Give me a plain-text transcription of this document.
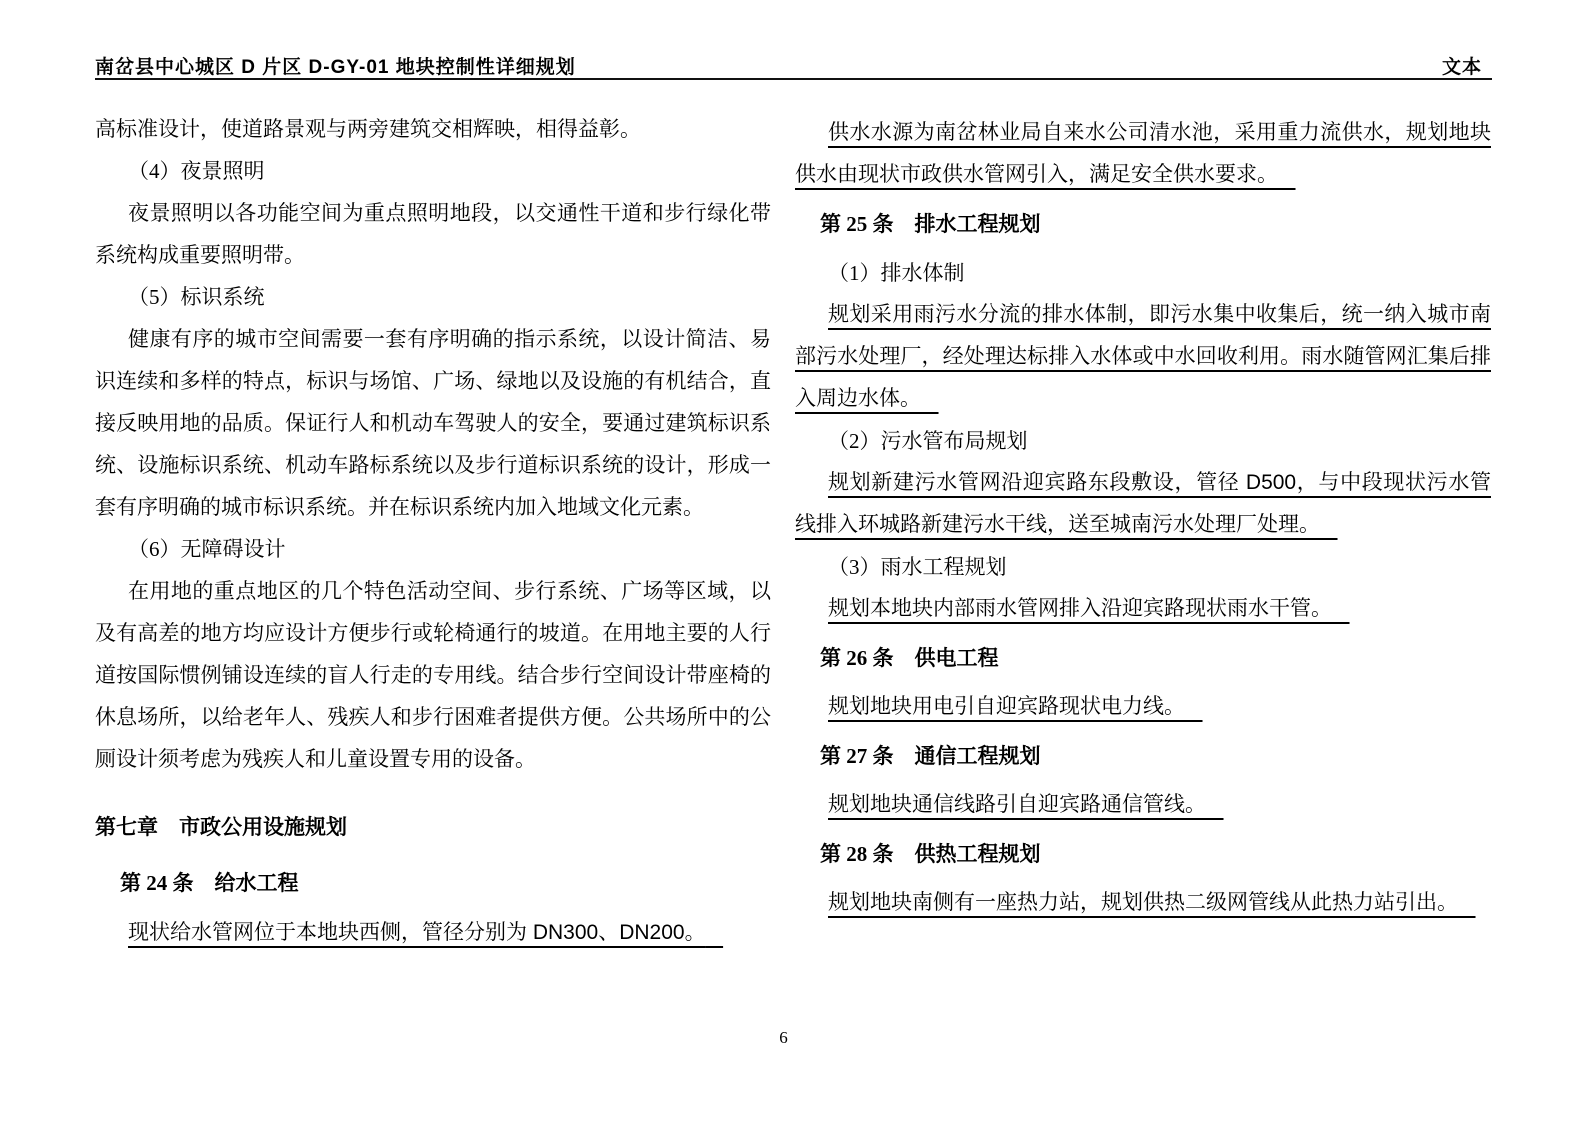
南岔县中心城区 D 片区 D-GY-01 地块控制性详细规划	文本

高标准设计，使道路景观与两旁建筑交相辉映，相得益彰。

（4）夜景照明

夜景照明以各功能空间为重点照明地段，以交通性干道和步行绿化带系统构成重要照明带。

（5）标识系统

健康有序的城市空间需要一套有序明确的指示系统，以设计简洁、易识连续和多样的特点，标识与场馆、广场、绿地以及设施的有机结合，直接反映用地的品质。保证行人和机动车驾驶人的安全，要通过建筑标识系统、设施标识系统、机动车路标系统以及步行道标识系统的设计，形成一套有序明确的城市标识系统。并在标识系统内加入地域文化元素。

（6）无障碍设计

在用地的重点地区的几个特色活动空间、步行系统、广场等区域，以及有高差的地方均应设计方便步行或轮椅通行的坡道。在用地主要的人行道按国际惯例铺设连续的盲人行走的专用线。结合步行空间设计带座椅的休息场所，以给老年人、残疾人和步行困难者提供方便。公共场所中的公厕设计须考虑为残疾人和儿童设置专用的设备。

第七章　市政公用设施规划

第 24 条　给水工程

现状给水管网位于本地块西侧，管径分别为 DN300、DN200。

供水水源为南岔林业局自来水公司清水池，采用重力流供水，规划地块供水由现状市政供水管网引入，满足安全供水要求。

第 25 条　排水工程规划

（1）排水体制

规划采用雨污水分流的排水体制，即污水集中收集后，统一纳入城市南部污水处理厂，经处理达标排入水体或中水回收利用。雨水随管网汇集后排入周边水体。

（2）污水管布局规划

规划新建污水管网沿迎宾路东段敷设，管径 D500，与中段现状污水管线排入环城路新建污水干线，送至城南污水处理厂处理。

（3）雨水工程规划

规划本地块内部雨水管网排入沿迎宾路现状雨水干管。

第 26 条　供电工程

规划地块用电引自迎宾路现状电力线。

第 27 条　通信工程规划

规划地块通信线路引自迎宾路通信管线。

第 28 条　供热工程规划

规划地块南侧有一座热力站，规划供热二级网管线从此热力站引出。

6
